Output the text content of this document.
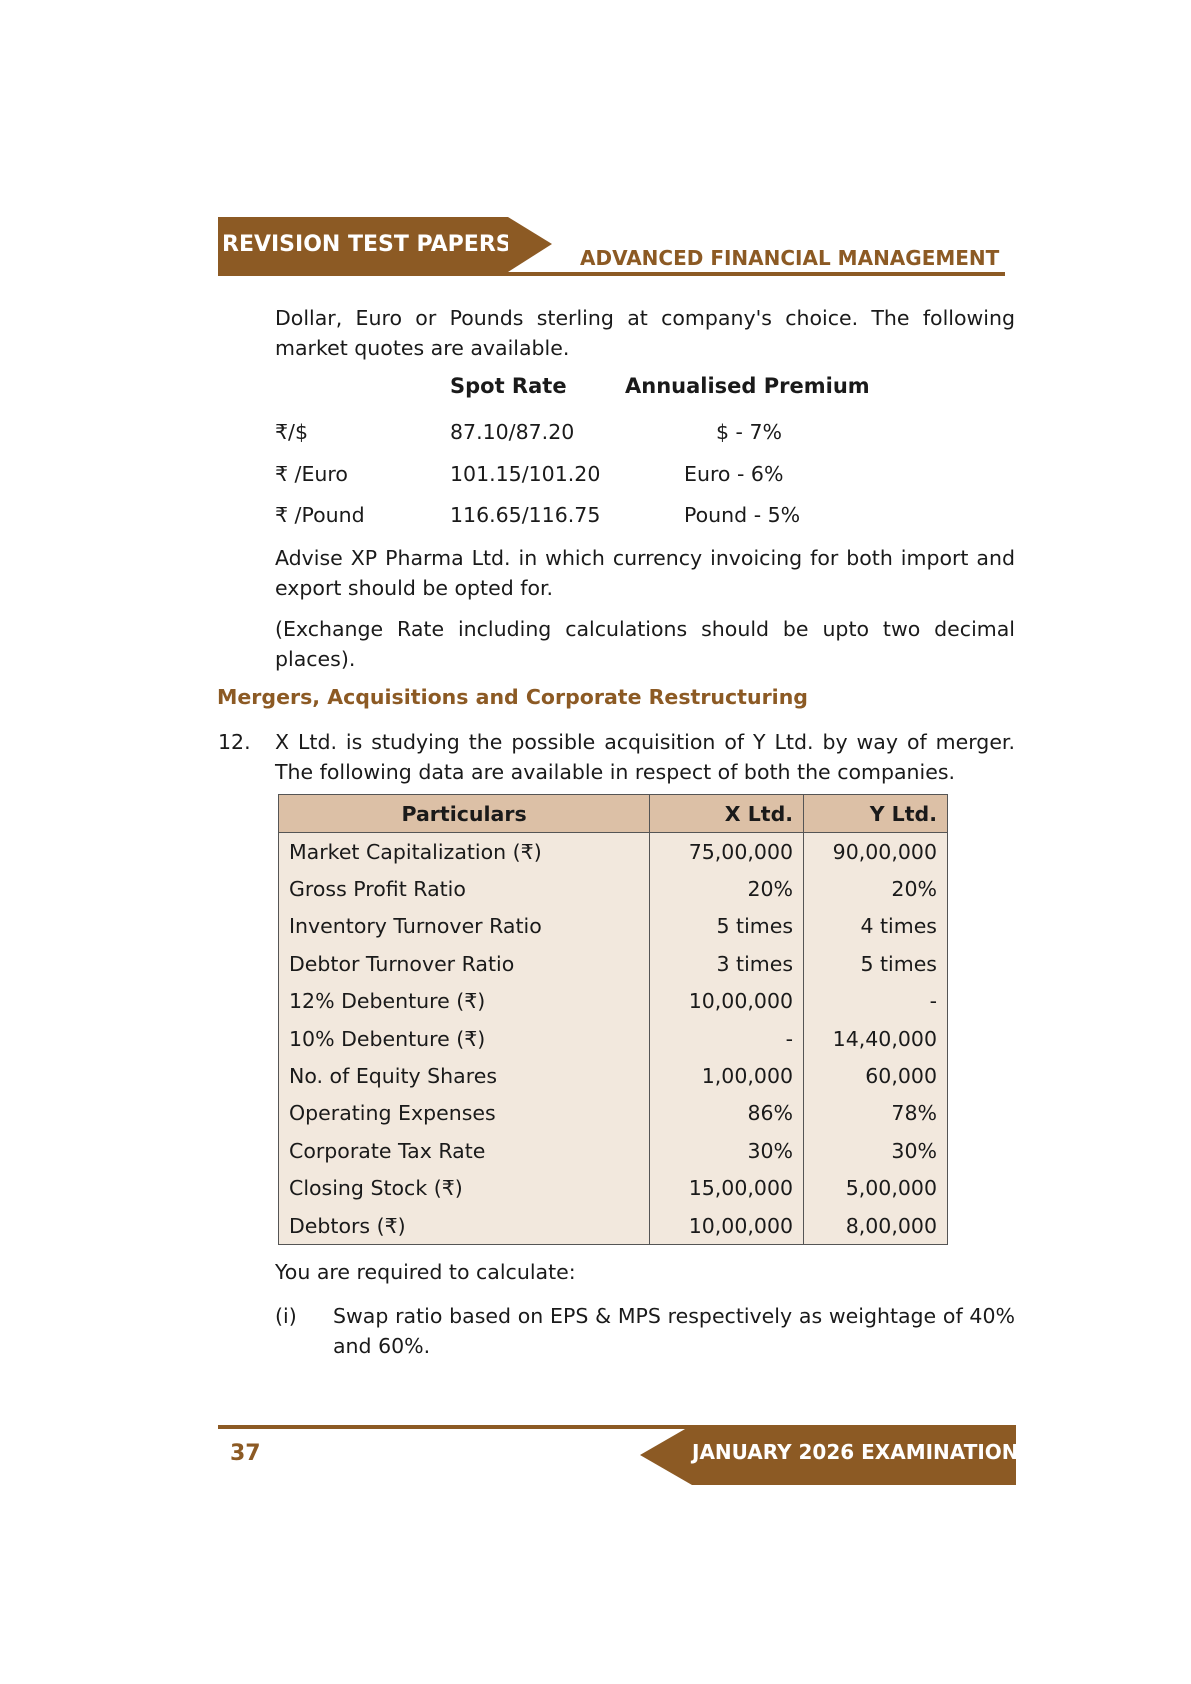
REVISION TEST PAPERS
ADVANCED FINANCIAL MANAGEMENT
Dollar, Euro or Pounds sterling at company's choice. The following market quotes are available.
Spot Rate	Annualised Premium
₹/$	87.10/87.20	$ - 7%
₹ /Euro	101.15/101.20	Euro - 6%
₹ /Pound	116.65/116.75	Pound - 5%
Advise XP Pharma Ltd. in which currency invoicing for both import and export should be opted for.
(Exchange Rate including calculations should be upto two decimal places).
Mergers, Acquisitions and Corporate Restructuring
12. X Ltd. is studying the possible acquisition of Y Ltd. by way of merger. The following data are available in respect of both the companies.
Particulars	X Ltd.	Y Ltd.
Market Capitalization (₹)	75,00,000	90,00,000
Gross Profit Ratio	20%	20%
Inventory Turnover Ratio	5 times	4 times
Debtor Turnover Ratio	3 times	5 times
12% Debenture (₹)	10,00,000	-
10% Debenture (₹)	-	14,40,000
No. of Equity Shares	1,00,000	60,000
Operating Expenses	86%	78%
Corporate Tax Rate	30%	30%
Closing Stock (₹)	15,00,000	5,00,000
Debtors (₹)	10,00,000	8,00,000
You are required to calculate:
(i) Swap ratio based on EPS & MPS respectively as weightage of 40% and 60%.
JANUARY 2026 EXAMINATION
37
